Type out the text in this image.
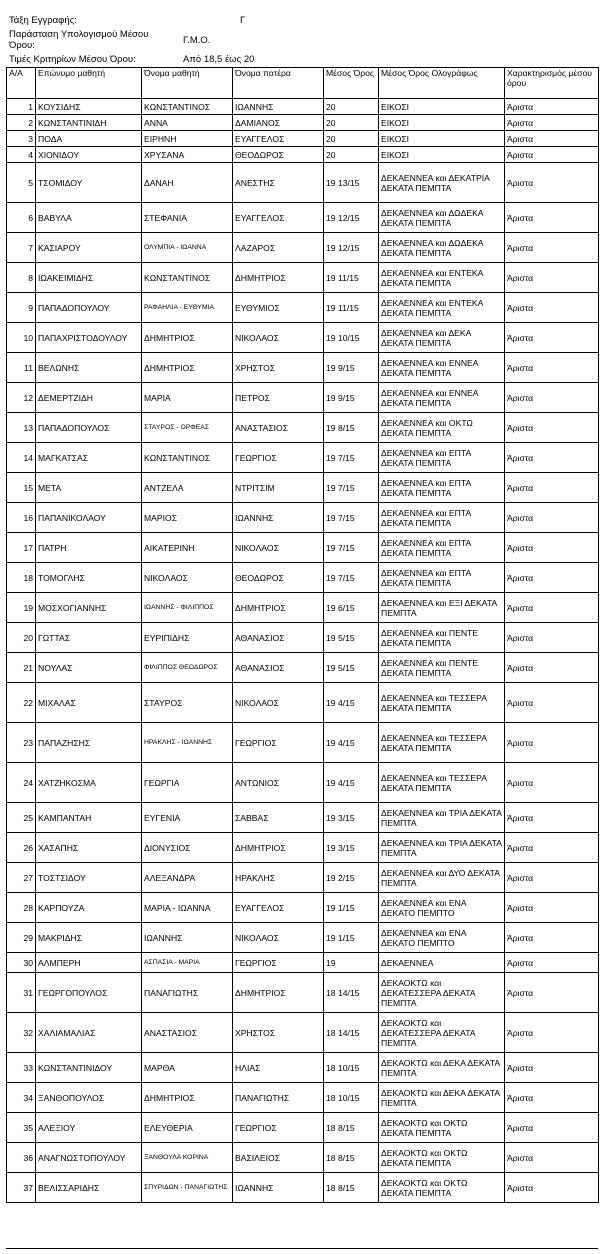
Τάξη Εγγραφής:	Γ
Παράσταση Υπολογισμού Μέσου
Όρου:	Γ.Μ.Ο.
Τιμές Κριτηρίων Μέσου Όρου:	Από 18,5 έως 20
Α/Α	Επώνυμο μαθητή	Όνομα μαθητή	Όνομα πατέρα	Μέσος Όρος	Μέσος Όρος Ολογράφως	Χαρακτηρισμός μέσου όρου
1	ΚΟΥΣΙΔΗΣ	ΚΩΝΣΤΑΝΤΙΝΟΣ	ΙΩΑΝΝΗΣ	20	ΕΙΚΟΣΙ	Άριστα
2	ΚΩΝΣΤΑΝΤΙΝΙΔΗ	ΑΝΝΑ	ΔΑΜΙΑΝΟΣ	20	ΕΙΚΟΣΙ	Άριστα
3	ΠΟΔΑ	ΕΙΡΗΝΗ	ΕΥΑΓΓΕΛΟΣ	20	ΕΙΚΟΣΙ	Άριστα
4	ΧΙΟΝΙΔΟΥ	ΧΡΥΣΑΝΑ	ΘΕΟΔΩΡΟΣ	20	ΕΙΚΟΣΙ	Άριστα
5	ΤΣΟΜΙΔΟΥ	ΔΑΝΑΗ	ΑΝΕΣΤΗΣ	19 13/15	ΔΕΚΑΕΝΝΕΑ και ΔΕΚΑΤΡΙΑ ΔΕΚΑΤΑ ΠΕΜΠΤΑ	Άριστα
6	ΒΑΒΥΛΑ	ΣΤΕΦΑΝΙΑ	ΕΥΑΓΓΕΛΟΣ	19 12/15	ΔΕΚΑΕΝΝΕΑ και ΔΩΔΕΚΑ ΔΕΚΑΤΑ ΠΕΜΠΤΑ	Άριστα
7	ΚΑΣΙΑΡΟΥ	ΟΛΥΜΠΙΑ - ΙΩΑΝΝΑ	ΛΑΖΑΡΟΣ	19 12/15	ΔΕΚΑΕΝΝΕΑ και ΔΩΔΕΚΑ ΔΕΚΑΤΑ ΠΕΜΠΤΑ	Άριστα
8	ΙΩΑΚΕΙΜΙΔΗΣ	ΚΩΝΣΤΑΝΤΙΝΟΣ	ΔΗΜΗΤΡΙΟΣ	19 11/15	ΔΕΚΑΕΝΝΕΑ και ΕΝΤΕΚΑ ΔΕΚΑΤΑ ΠΕΜΠΤΑ	Άριστα
9	ΠΑΠΑΔΟΠΟΥΛΟΥ	ΡΑΦΑΗΛΙΑ - ΕΥΘΥΜΙΑ	ΕΥΘΥΜΙΟΣ	19 11/15	ΔΕΚΑΕΝΝΕΑ και ΕΝΤΕΚΑ ΔΕΚΑΤΑ ΠΕΜΠΤΑ	Άριστα
10	ΠΑΠΑΧΡΙΣΤΟΔΟΥΛΟΥ	ΔΗΜΗΤΡΙΟΣ	ΝΙΚΟΛΑΟΣ	19 10/15	ΔΕΚΑΕΝΝΕΑ και ΔΕΚΑ ΔΕΚΑΤΑ ΠΕΜΠΤΑ	Άριστα
11	ΒΕΛΩΝΗΣ	ΔΗΜΗΤΡΙΟΣ	ΧΡΗΣΤΟΣ	19 9/15	ΔΕΚΑΕΝΝΕΑ και ΕΝΝΕΑ ΔΕΚΑΤΑ ΠΕΜΠΤΑ	Άριστα
12	ΔΕΜΕΡΤΖΙΔΗ	ΜΑΡΙΑ	ΠΕΤΡΟΣ	19 9/15	ΔΕΚΑΕΝΝΕΑ και ΕΝΝΕΑ ΔΕΚΑΤΑ ΠΕΜΠΤΑ	Άριστα
13	ΠΑΠΑΔΟΠΟΥΛΟΣ	ΣΤΑΥΡΟΣ - ΟΡΦΕΑΣ	ΑΝΑΣΤΑΣΙΟΣ	19 8/15	ΔΕΚΑΕΝΝΕΑ και ΟΚΤΩ ΔΕΚΑΤΑ ΠΕΜΠΤΑ	Άριστα
14	ΜΑΓΚΑΤΣΑΣ	ΚΩΝΣΤΑΝΤΙΝΟΣ	ΓΕΩΡΓΙΟΣ	19 7/15	ΔΕΚΑΕΝΝΕΑ και ΕΠΤΑ ΔΕΚΑΤΑ ΠΕΜΠΤΑ	Άριστα
15	ΜΕΤΑ	ΑΝΤΖΕΛΑ	ΝΤΡΙΤΣΙΜ	19 7/15	ΔΕΚΑΕΝΝΕΑ και ΕΠΤΑ ΔΕΚΑΤΑ ΠΕΜΠΤΑ	Άριστα
16	ΠΑΠΑΝΙΚΟΛΑΟΥ	ΜΑΡΙΟΣ	ΙΩΑΝΝΗΣ	19 7/15	ΔΕΚΑΕΝΝΕΑ και ΕΠΤΑ ΔΕΚΑΤΑ ΠΕΜΠΤΑ	Άριστα
17	ΠΑΤΡΗ	ΑΙΚΑΤΕΡΙΝΗ	ΝΙΚΟΛΑΟΣ	19 7/15	ΔΕΚΑΕΝΝΕΑ και ΕΠΤΑ ΔΕΚΑΤΑ ΠΕΜΠΤΑ	Άριστα
18	ΤΟΜΟΓΛΗΣ	ΝΙΚΟΛΑΟΣ	ΘΕΟΔΩΡΟΣ	19 7/15	ΔΕΚΑΕΝΝΕΑ και ΕΠΤΑ ΔΕΚΑΤΑ ΠΕΜΠΤΑ	Άριστα
19	ΜΟΣΧΟΓΙΑΝΝΗΣ	ΙΩΑΝΝΗΣ - ΦΙΛΙΠΠΟΣ	ΔΗΜΗΤΡΙΟΣ	19 6/15	ΔΕΚΑΕΝΝΕΑ και ΕΞΙ ΔΕΚΑΤΑ ΠΕΜΠΤΑ	Άριστα
20	ΓΩΤΤΑΣ	ΕΥΡΙΠΙΔΗΣ	ΑΘΑΝΑΣΙΟΣ	19 5/15	ΔΕΚΑΕΝΝΕΑ και ΠΕΝΤΕ ΔΕΚΑΤΑ ΠΕΜΠΤΑ	Άριστα
21	ΝΟΥΛΑΣ	ΦΙΛΙΠΠΟΣ ΘΕΟΔΩΡΟΣ	ΑΘΑΝΑΣΙΟΣ	19 5/15	ΔΕΚΑΕΝΝΕΑ και ΠΕΝΤΕ ΔΕΚΑΤΑ ΠΕΜΠΤΑ	Άριστα
22	ΜΙΧΑΛΑΣ	ΣΤΑΥΡΟΣ	ΝΙΚΟΛΑΟΣ	19 4/15	ΔΕΚΑΕΝΝΕΑ και ΤΕΣΣΕΡΑ ΔΕΚΑΤΑ ΠΕΜΠΤΑ	Άριστα
23	ΠΑΠΑΖΗΣΗΣ	ΗΡΑΚΛΗΣ - ΙΩΑΝΝΗΣ	ΓΕΩΡΓΙΟΣ	19 4/15	ΔΕΚΑΕΝΝΕΑ και ΤΕΣΣΕΡΑ ΔΕΚΑΤΑ ΠΕΜΠΤΑ	Άριστα
24	ΧΑΤΖΗΚΟΣΜΑ	ΓΕΩΡΓΙΑ	ΑΝΤΩΝΙΟΣ	19 4/15	ΔΕΚΑΕΝΝΕΑ και ΤΕΣΣΕΡΑ ΔΕΚΑΤΑ ΠΕΜΠΤΑ	Άριστα
25	ΚΑΜΠΑΝΤΑΗ	ΕΥΓΕΝΙΑ	ΣΑΒΒΑΣ	19 3/15	ΔΕΚΑΕΝΝΕΑ και ΤΡΙΑ ΔΕΚΑΤΑ ΠΕΜΠΤΑ	Άριστα
26	ΧΑΣΑΠΗΣ	ΔΙΟΝΥΣΙΟΣ	ΔΗΜΗΤΡΙΟΣ	19 3/15	ΔΕΚΑΕΝΝΕΑ και ΤΡΙΑ ΔΕΚΑΤΑ ΠΕΜΠΤΑ	Άριστα
27	ΤΟΣΤΣΙΔΟΥ	ΑΛΕΞΑΝΔΡΑ	ΗΡΑΚΛΗΣ	19 2/15	ΔΕΚΑΕΝΝΕΑ και ΔΥΟ ΔΕΚΑΤΑ ΠΕΜΠΤΑ	Άριστα
28	ΚΑΡΠΟΥΖΑ	ΜΑΡΙΑ - ΙΩΑΝΝΑ	ΕΥΑΓΓΕΛΟΣ	19 1/15	ΔΕΚΑΕΝΝΕΑ και ΕΝΑ ΔΕΚΑΤΟ ΠΕΜΠΤΟ	Άριστα
29	ΜΑΚΡΙΔΗΣ	ΙΩΑΝΝΗΣ	ΝΙΚΟΛΑΟΣ	19 1/15	ΔΕΚΑΕΝΝΕΑ και ΕΝΑ ΔΕΚΑΤΟ ΠΕΜΠΤΟ	Άριστα
30	ΑΛΜΠΕΡΗ	ΑΣΠΑΣΙΑ - ΜΑΡΙΑ	ΓΕΩΡΓΙΟΣ	19	ΔΕΚΑΕΝΝΕΑ	Άριστα
31	ΓΕΩΡΓΟΠΟΥΛΟΣ	ΠΑΝΑΓΙΩΤΗΣ	ΔΗΜΗΤΡΙΟΣ	18 14/15	ΔΕΚΑΟΚΤΩ και ΔΕΚΑΤΕΣΣΕΡΑ ΔΕΚΑΤΑ ΠΕΜΠΤΑ	Άριστα
32	ΧΑΛΙΑΜΑΛΙΑΣ	ΑΝΑΣΤΑΣΙΟΣ	ΧΡΗΣΤΟΣ	18 14/15	ΔΕΚΑΟΚΤΩ και ΔΕΚΑΤΕΣΣΕΡΑ ΔΕΚΑΤΑ ΠΕΜΠΤΑ	Άριστα
33	ΚΩΝΣΤΑΝΤΙΝΙΔΟΥ	ΜΑΡΘΑ	ΗΛΙΑΣ	18 10/15	ΔΕΚΑΟΚΤΩ και ΔΕΚΑ ΔΕΚΑΤΑ ΠΕΜΠΤΑ	Άριστα
34	ΞΑΝΘΟΠΟΥΛΟΣ	ΔΗΜΗΤΡΙΟΣ	ΠΑΝΑΓΙΩΤΗΣ	18 10/15	ΔΕΚΑΟΚΤΩ και ΔΕΚΑ ΔΕΚΑΤΑ ΠΕΜΠΤΑ	Άριστα
35	ΑΛΕΞΙΟΥ	ΕΛΕΥΘΕΡΙΑ	ΓΕΩΡΓΙΟΣ	18 8/15	ΔΕΚΑΟΚΤΩ και ΟΚΤΩ ΔΕΚΑΤΑ ΠΕΜΠΤΑ	Άριστα
36	ΑΝΑΓΝΩΣΤΟΠΟΥΛΟΥ	ΞΑΝΘΟΥΛΑ ΚΟΡΙΝΑ	ΒΑΣΙΛΕΙΟΣ	18 8/15	ΔΕΚΑΟΚΤΩ και ΟΚΤΩ ΔΕΚΑΤΑ ΠΕΜΠΤΑ	Άριστα
37	ΒΕΛΙΣΣΑΡΙΔΗΣ	ΣΠΥΡΙΔΩΝ - ΠΑΝΑΓΙΩΤΗΣ	ΙΩΑΝΝΗΣ	18 8/15	ΔΕΚΑΟΚΤΩ και ΟΚΤΩ ΔΕΚΑΤΑ ΠΕΜΠΤΑ	Άριστα
